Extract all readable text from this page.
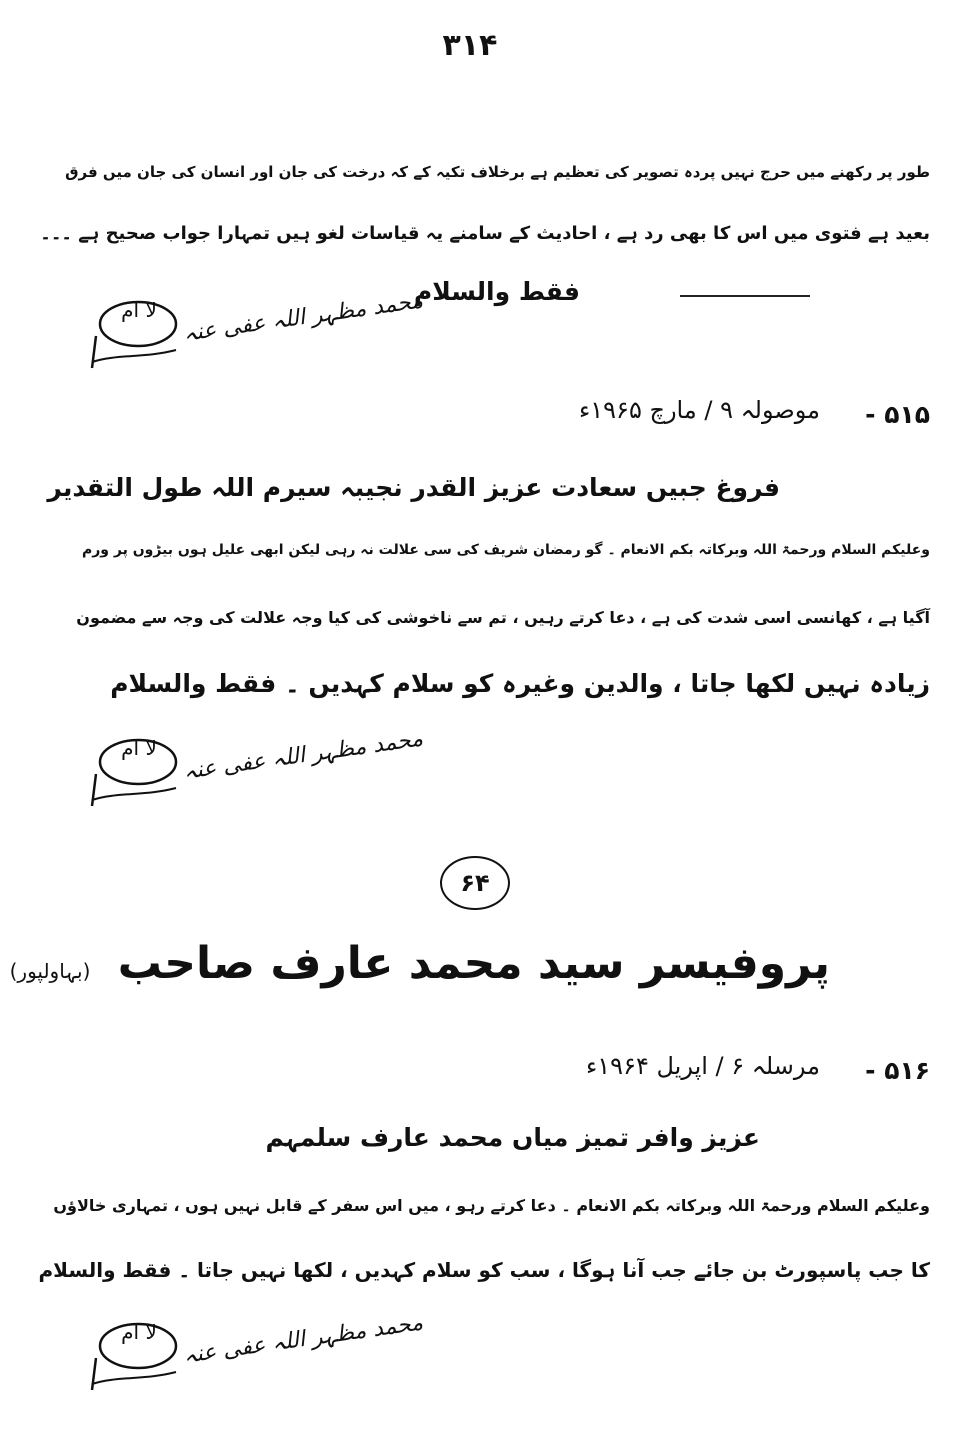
۳۱۴
طور پر رکھنے میں حرج نہیں پردہ تصویر کی تعظیم ہے برخلاف تکیہ کے کہ درخت کی جان اور انسان کی جان میں فرق
بعید ہے فتوی میں اس کا بھی رد ہے ، احادیث کے سامنے یہ قیاسات لغو ہیں تمہارا جواب صحیح ہے ۔۔۔
فقط والسلام
لا ام	محمد مظہر اللہ عفی عنہ
۵۱۵ -
موصولہ ۹ / مارچ ۱۹۶۵ء
فروغ جبیں سعادت عزیز القدر نجیبہ سیرم اللہ طول التقدیر
وعلیکم السلام ورحمۃ اللہ وبرکاتہ بکم الانعام ۔ گو رمضان شریف کی سی علالت نہ رہی لیکن ابھی علیل ہوں بیڑوں پر ورم
آگیا ہے ، کھانسی اسی شدت کی ہے ، دعا کرتے رہیں ، تم سے ناخوشی کی کیا وجہ علالت کی وجہ سے مضمون
زیادہ نہیں لکھا جاتا ، والدین وغیرہ کو سلام کہدیں ۔ فقط والسلام
لا ام	محمد مظہر اللہ عفی عنہ
۶۴
پروفیسر سید محمد عارف صاحب (بہاولپور)
۵۱۶ -
مرسلہ ۶ / اپریل ۱۹۶۴ء
عزیز وافر تمیز میاں محمد عارف سلمہم
وعلیکم السلام ورحمۃ اللہ وبرکاتہ بکم الانعام ۔ دعا کرتے رہو ، میں اس سفر کے قابل نہیں ہوں ، تمہاری خالاؤں
کا جب پاسپورٹ بن جائے جب آنا ہوگا ، سب کو سلام کہدیں ، لکھا نہیں جاتا ۔ فقط والسلام
لا ام	محمد مظہر اللہ عفی عنہ
